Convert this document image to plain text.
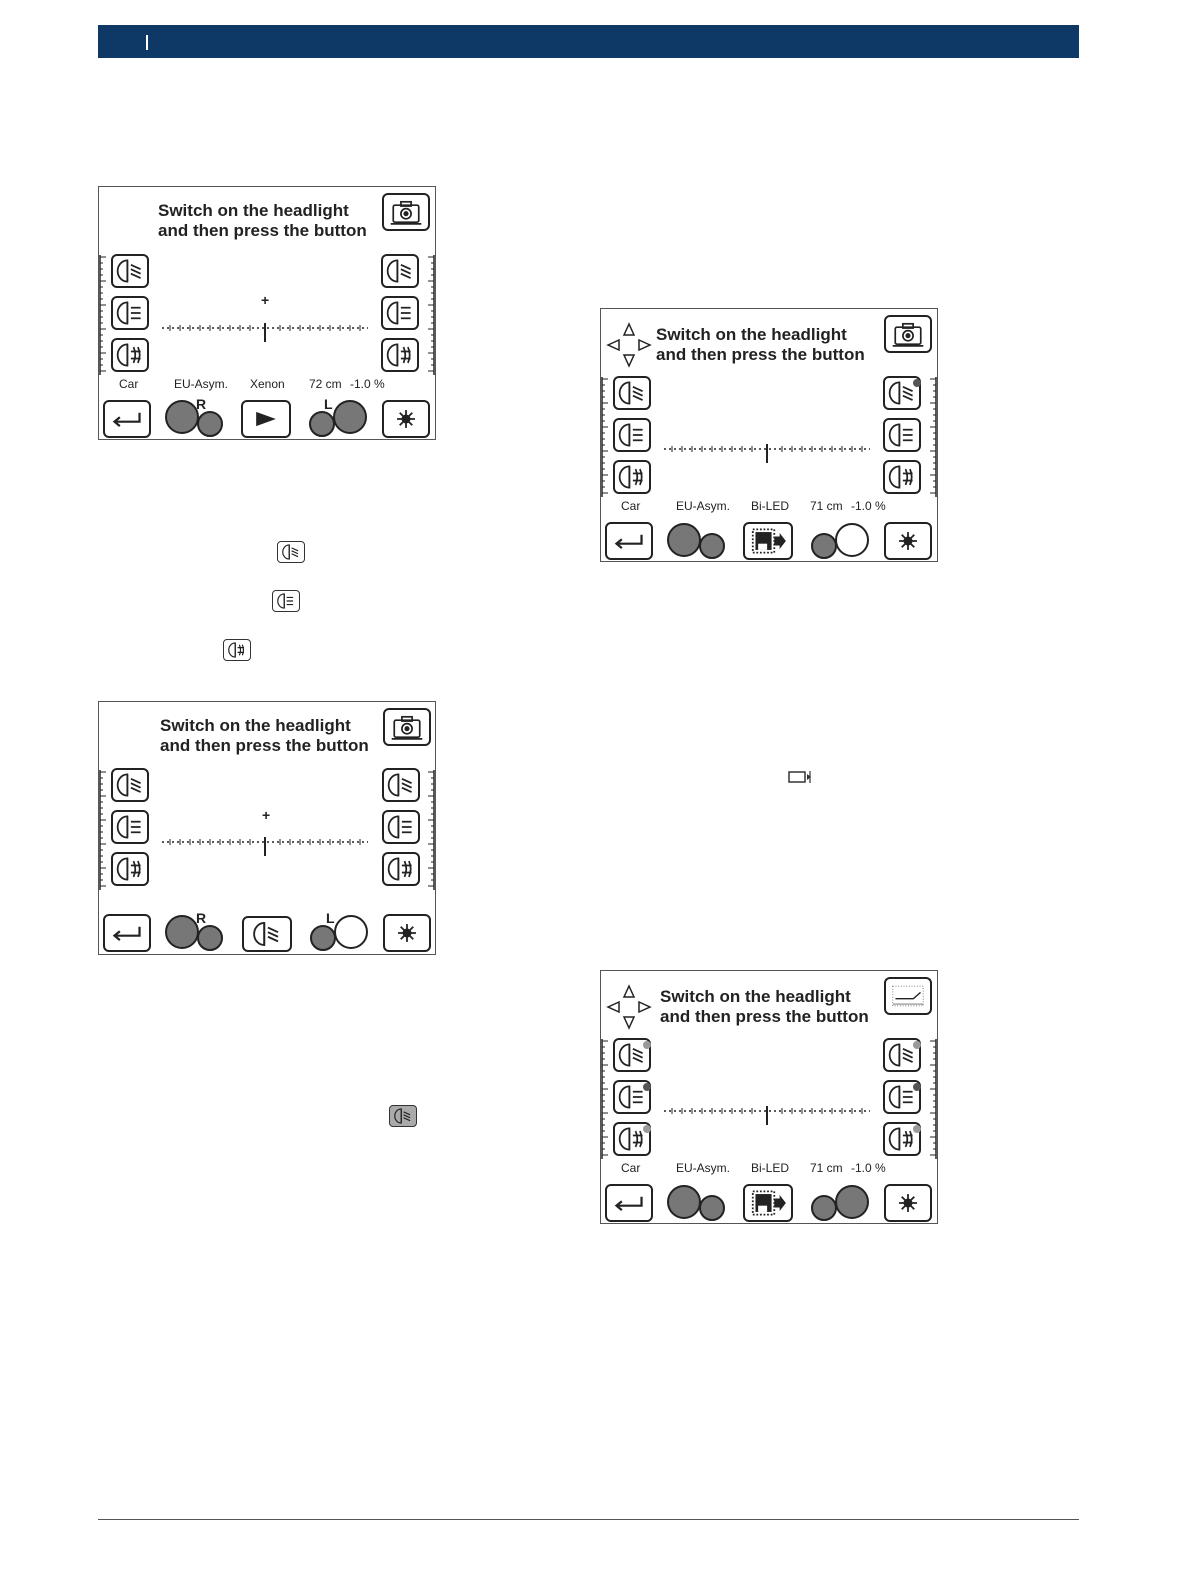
Switch on the headlight
and then press the button
+
Car	EU-Asym. Xenon 72 cm -1.0 %
R	L
Switch on the headlight
and then press the button
+
R	L
Switch on the headlight
and then press the button
Car	EU-Asym. Bi-LED 71 cm -1.0 %
Switch on the headlight
and then press the button
Car	EU-Asym. Bi-LED 71 cm -1.0 %
